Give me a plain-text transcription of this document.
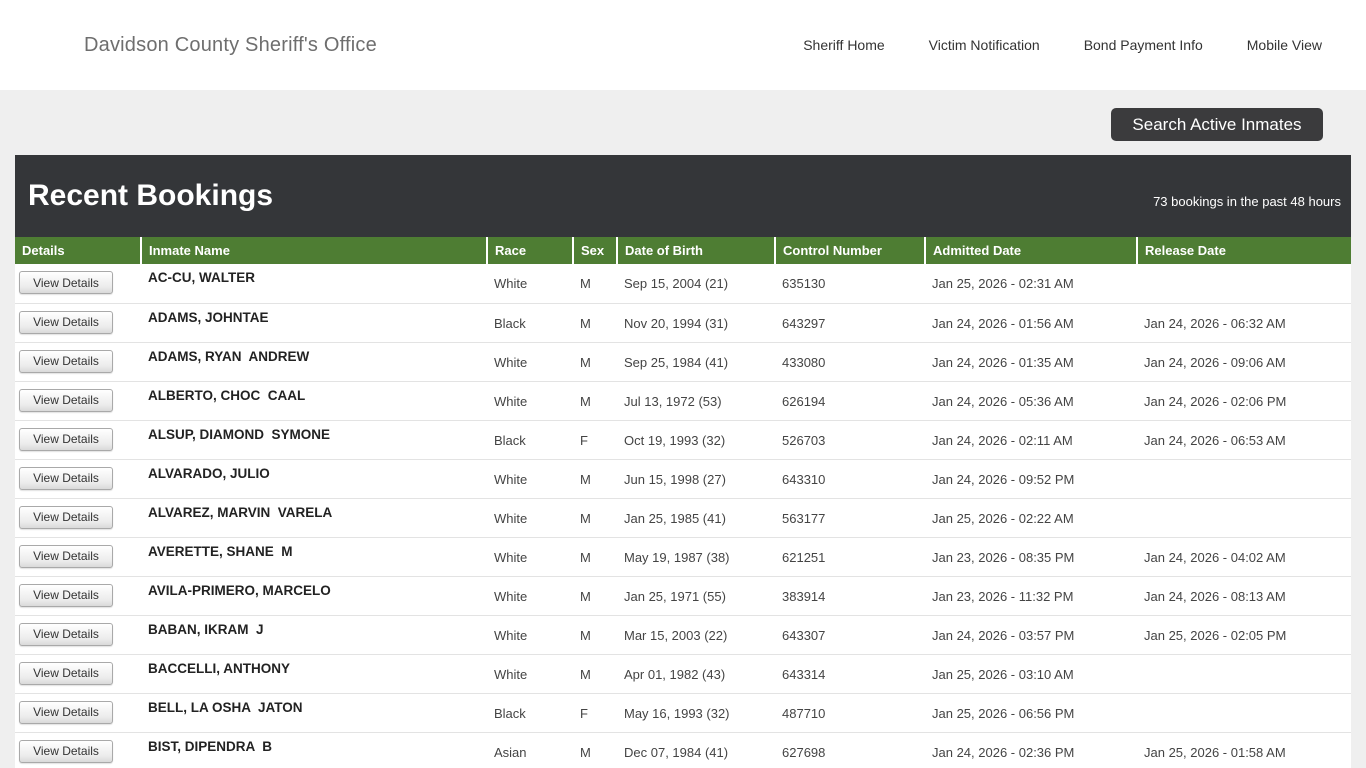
Davidson County Sheriff's Office	Sheriff Home	Victim Notification	Bond Payment Info	Mobile View
Search Active Inmates
Recent Bookings	73 bookings in the past 48 hours
Details	Inmate Name	Race	Sex	Date of Birth	Control Number	Admitted Date	Release Date
View Details	AC-CU, WALTER	White	M	Sep 15, 2004 (21)	635130	Jan 25, 2026 - 02:31 AM	
View Details	ADAMS, JOHNTAE	Black	M	Nov 20, 1994 (31)	643297	Jan 24, 2026 - 01:56 AM	Jan 24, 2026 - 06:32 AM
View Details	ADAMS, RYAN  ANDREW	White	M	Sep 25, 1984 (41)	433080	Jan 24, 2026 - 01:35 AM	Jan 24, 2026 - 09:06 AM
View Details	ALBERTO, CHOC  CAAL	White	M	Jul 13, 1972 (53)	626194	Jan 24, 2026 - 05:36 AM	Jan 24, 2026 - 02:06 PM
View Details	ALSUP, DIAMOND  SYMONE	Black	F	Oct 19, 1993 (32)	526703	Jan 24, 2026 - 02:11 AM	Jan 24, 2026 - 06:53 AM
View Details	ALVARADO, JULIO	White	M	Jun 15, 1998 (27)	643310	Jan 24, 2026 - 09:52 PM	
View Details	ALVAREZ, MARVIN  VARELA	White	M	Jan 25, 1985 (41)	563177	Jan 25, 2026 - 02:22 AM	
View Details	AVERETTE, SHANE  M	White	M	May 19, 1987 (38)	621251	Jan 23, 2026 - 08:35 PM	Jan 24, 2026 - 04:02 AM
View Details	AVILA-PRIMERO, MARCELO	White	M	Jan 25, 1971 (55)	383914	Jan 23, 2026 - 11:32 PM	Jan 24, 2026 - 08:13 AM
View Details	BABAN, IKRAM  J	White	M	Mar 15, 2003 (22)	643307	Jan 24, 2026 - 03:57 PM	Jan 25, 2026 - 02:05 PM
View Details	BACCELLI, ANTHONY	White	M	Apr 01, 1982 (43)	643314	Jan 25, 2026 - 03:10 AM	
View Details	BELL, LA OSHA  JATON	Black	F	May 16, 1993 (32)	487710	Jan 25, 2026 - 06:56 PM	
View Details	BIST, DIPENDRA  B	Asian	M	Dec 07, 1984 (41)	627698	Jan 24, 2026 - 02:36 PM	Jan 25, 2026 - 01:58 AM
